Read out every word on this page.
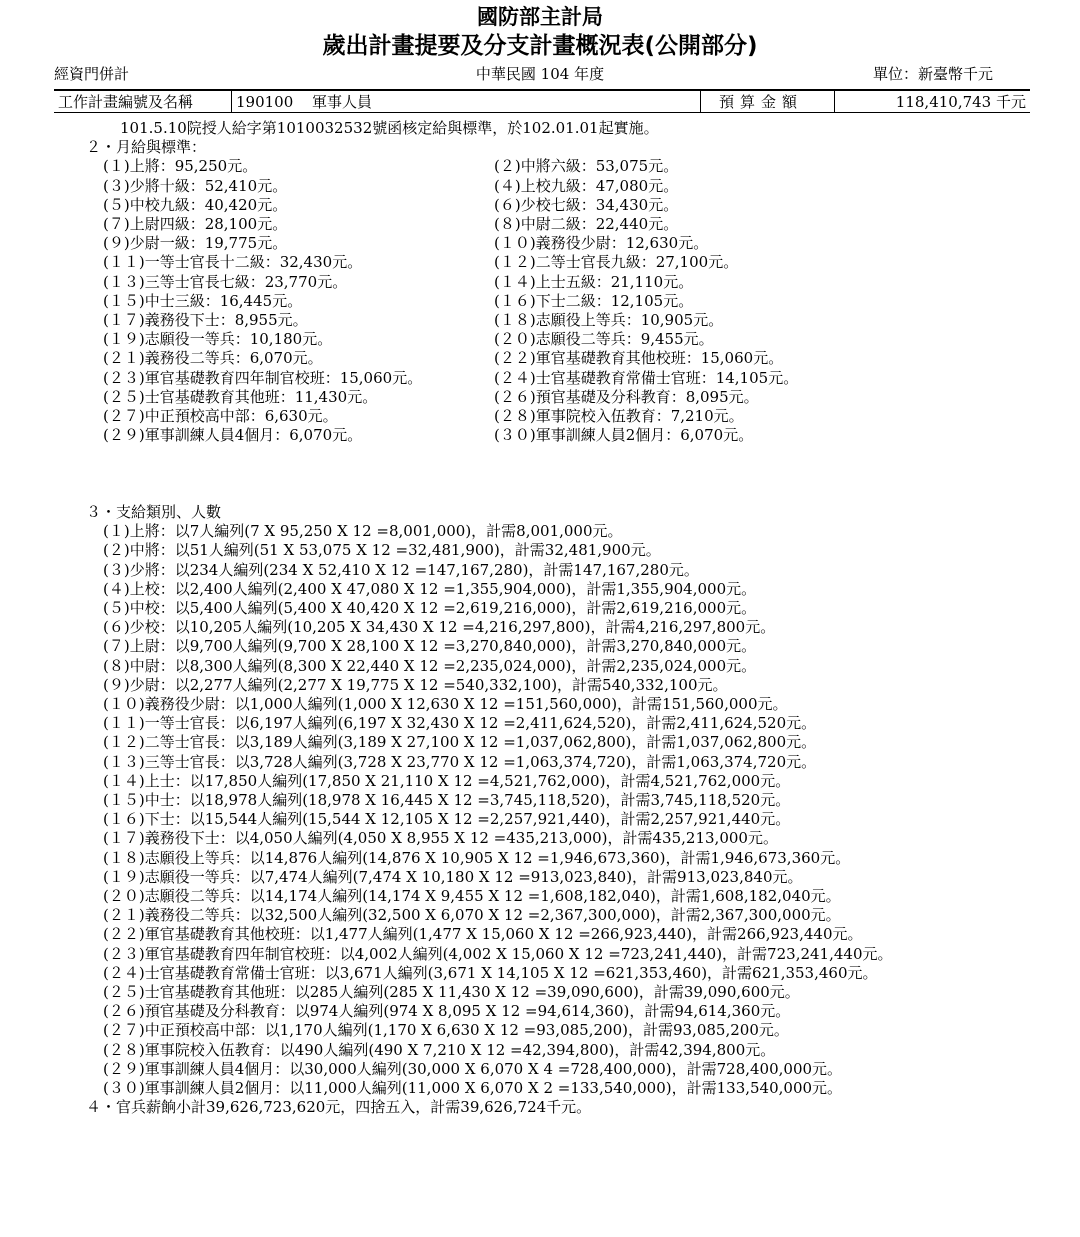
國防部主計局
歲出計畫提要及分支計畫概況表(公開部分)
經資門併計	中華民國 104 年度	單位：新臺幣千元
工作計畫編號及名稱	190100 軍事人員	預算金額	118,410,743 千元
101.5.10院授人給字第1010032532號函核定給與標準，於102.01.01起實施。
２・月給與標準：
(１)上將：95,250元。	(２)中將六級：53,075元。
(３)少將十級：52,410元。	(４)上校九級：47,080元。
(５)中校九級：40,420元。	(６)少校七級：34,430元。
(７)上尉四級：28,100元。	(８)中尉二級：22,440元。
(９)少尉一級：19,775元。	(１０)義務役少尉：12,630元。
(１１)一等士官長十二級：32,430元。	(１２)二等士官長九級：27,100元。
(１３)三等士官長七級：23,770元。	(１４)上士五級：21,110元。
(１５)中士三級：16,445元。	(１６)下士二級：12,105元。
(１７)義務役下士：8,955元。	(１８)志願役上等兵：10,905元。
(１９)志願役一等兵：10,180元。	(２０)志願役二等兵：9,455元。
(２１)義務役二等兵：6,070元。	(２２)軍官基礎教育其他校班：15,060元。
(２３)軍官基礎教育四年制官校班：15,060元。	(２４)士官基礎教育常備士官班：14,105元。
(２５)士官基礎教育其他班：11,430元。	(２６)預官基礎及分科教育：8,095元。
(２７)中正預校高中部：6,630元。	(２８)軍事院校入伍教育：7,210元。
(２９)軍事訓練人員4個月：6,070元。	(３０)軍事訓練人員2個月：6,070元。
３・支給類別、人數
(１)上將：以7人編列(7 X 95,250 X 12 =8,001,000)，計需8,001,000元。
(２)中將：以51人編列(51 X 53,075 X 12 =32,481,900)，計需32,481,900元。
(３)少將：以234人編列(234 X 52,410 X 12 =147,167,280)，計需147,167,280元。
(４)上校：以2,400人編列(2,400 X 47,080 X 12 =1,355,904,000)，計需1,355,904,000元。
(５)中校：以5,400人編列(5,400 X 40,420 X 12 =2,619,216,000)，計需2,619,216,000元。
(６)少校：以10,205人編列(10,205 X 34,430 X 12 =4,216,297,800)，計需4,216,297,800元。
(７)上尉：以9,700人編列(9,700 X 28,100 X 12 =3,270,840,000)，計需3,270,840,000元。
(８)中尉：以8,300人編列(8,300 X 22,440 X 12 =2,235,024,000)，計需2,235,024,000元。
(９)少尉：以2,277人編列(2,277 X 19,775 X 12 =540,332,100)，計需540,332,100元。
(１０)義務役少尉：以1,000人編列(1,000 X 12,630 X 12 =151,560,000)，計需151,560,000元。
(１１)一等士官長：以6,197人編列(6,197 X 32,430 X 12 =2,411,624,520)，計需2,411,624,520元。
(１２)二等士官長：以3,189人編列(3,189 X 27,100 X 12 =1,037,062,800)，計需1,037,062,800元。
(１３)三等士官長：以3,728人編列(3,728 X 23,770 X 12 =1,063,374,720)，計需1,063,374,720元。
(１４)上士：以17,850人編列(17,850 X 21,110 X 12 =4,521,762,000)，計需4,521,762,000元。
(１５)中士：以18,978人編列(18,978 X 16,445 X 12 =3,745,118,520)，計需3,745,118,520元。
(１６)下士：以15,544人編列(15,544 X 12,105 X 12 =2,257,921,440)，計需2,257,921,440元。
(１７)義務役下士：以4,050人編列(4,050 X 8,955 X 12 =435,213,000)，計需435,213,000元。
(１８)志願役上等兵：以14,876人編列(14,876 X 10,905 X 12 =1,946,673,360)，計需1,946,673,360元。
(１９)志願役一等兵：以7,474人編列(7,474 X 10,180 X 12 =913,023,840)，計需913,023,840元。
(２０)志願役二等兵：以14,174人編列(14,174 X 9,455 X 12 =1,608,182,040)，計需1,608,182,040元。
(２１)義務役二等兵：以32,500人編列(32,500 X 6,070 X 12 =2,367,300,000)，計需2,367,300,000元。
(２２)軍官基礎教育其他校班：以1,477人編列(1,477 X 15,060 X 12 =266,923,440)，計需266,923,440元。
(２３)軍官基礎教育四年制官校班：以4,002人編列(4,002 X 15,060 X 12 =723,241,440)，計需723,241,440元。
(２４)士官基礎教育常備士官班：以3,671人編列(3,671 X 14,105 X 12 =621,353,460)，計需621,353,460元。
(２５)士官基礎教育其他班：以285人編列(285 X 11,430 X 12 =39,090,600)，計需39,090,600元。
(２６)預官基礎及分科教育：以974人編列(974 X 8,095 X 12 =94,614,360)，計需94,614,360元。
(２７)中正預校高中部：以1,170人編列(1,170 X 6,630 X 12 =93,085,200)，計需93,085,200元。
(２８)軍事院校入伍教育：以490人編列(490 X 7,210 X 12 =42,394,800)，計需42,394,800元。
(２９)軍事訓練人員4個月：以30,000人編列(30,000 X 6,070 X 4 =728,400,000)，計需728,400,000元。
(３０)軍事訓練人員2個月：以11,000人編列(11,000 X 6,070 X 2 =133,540,000)，計需133,540,000元。
４・官兵薪餉小計39,626,723,620元，四捨五入，計需39,626,724千元。
